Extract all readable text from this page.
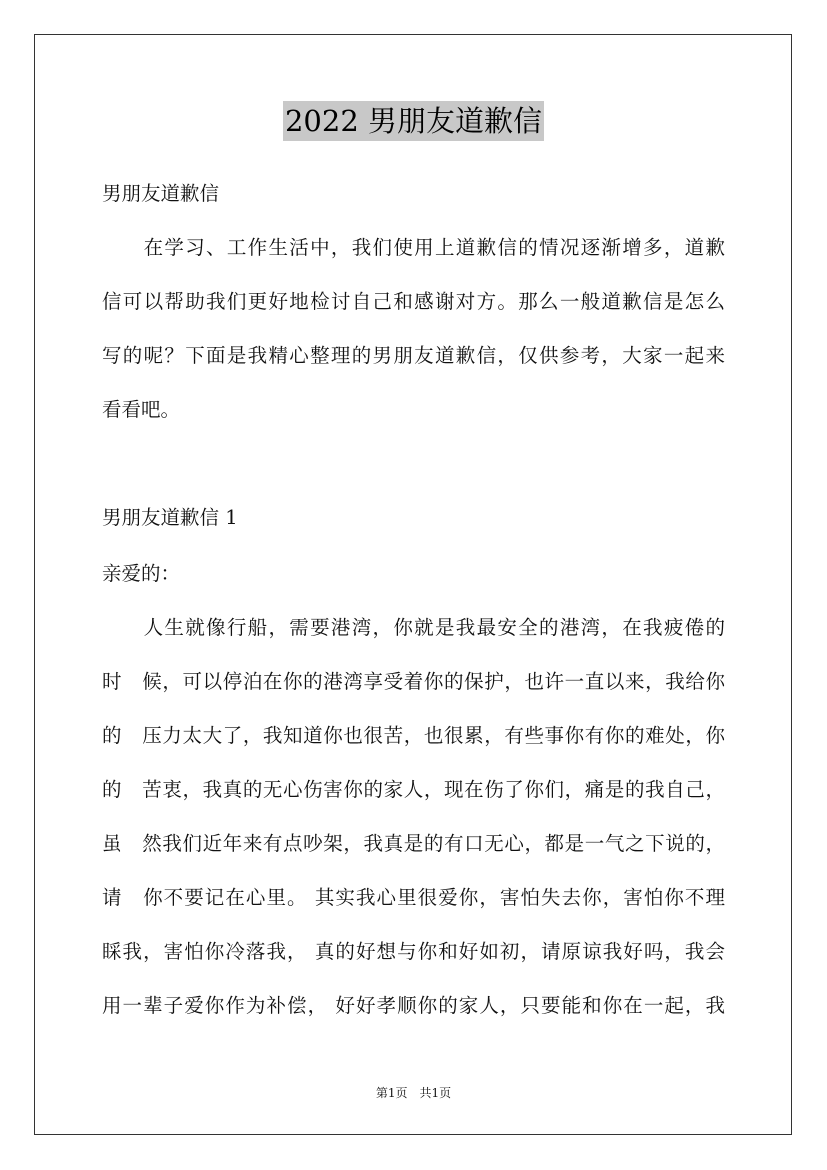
2022 男朋友道歉信
男朋友道歉信
　　在学习、工作生活中，我们使用上道歉信的情况逐渐增多，道歉
信可以帮助我们更好地检讨自己和感谢对方。那么一般道歉信是怎么
写的呢？下面是我精心整理的男朋友道歉信，仅供参考，大家一起来
看看吧。
男朋友道歉信 1
亲爱的：
　　人生就像行船，需要港湾，你就是我最安全的港湾，在我疲倦的
时　候，可以停泊在你的港湾享受着你的保护，也许一直以来，我给你
的　压力太大了，我知道你也很苦，也很累，有些事你有你的难处，你
的　苦衷，我真的无心伤害你的家人，现在伤了你们，痛是的我自己，
虽　然我们近年来有点吵架，我真是的有口无心，都是一气之下说的，
请　你不要记在心里。 其实我心里很爱你，害怕失去你，害怕你不理
睬我，害怕你冷落我， 真的好想与你和好如初，请原谅我好吗，我会
用一辈子爱你作为补偿， 好好孝顺你的家人，只要能和你在一起，我
第1页　共1页
